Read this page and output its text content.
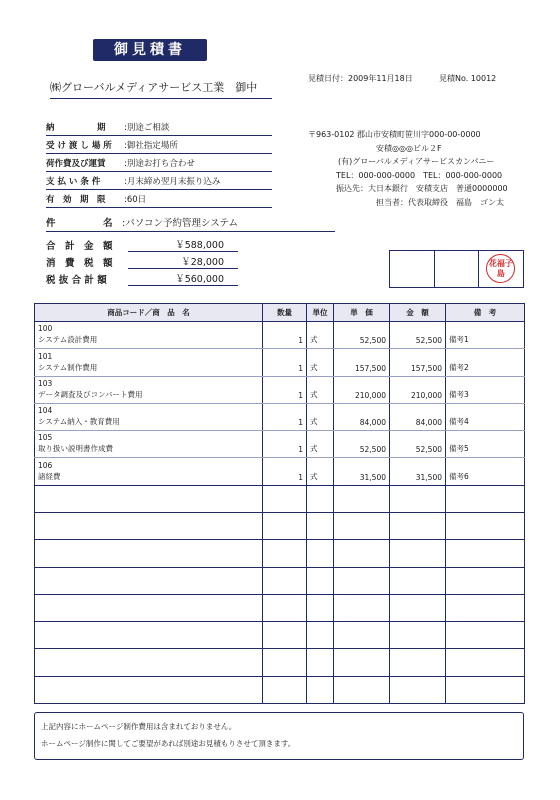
御見積書
㈱グローバルメディアサービス工業　御中
見積日付：2009年11月18日	見積No. 10012
納　　　　　期	:別途ご相談
受 け 渡 し 場 所	:御社指定場所
荷作費及び運賃	:別途お打ち合わせ
支 払 い 条 件	:月末締め翌月末振り込み
有　効　期　限	:60日
件　　　　　名 :パソコン予約管理システム
合　計　金　額	￥588,000
消　費　税　額	￥28,000
税 抜 合 計 額	￥560,000
〒963-0102 郡山市安積町笹川字000-00-0000
安積◎◎◎ビル２F
(有)グローバルメディアサービスカンパニー
TEL：000-000-0000　TEL：000-000-0000
振込先：大日本銀行　安積支店　普通0000000
担当者：代表取締役　福島　ゴン太
花福子島
商品コード／商　品　名	数量	単位	単　価	金　額	備　考

100
システム設計費用	1	式	52,500	52,500	備考1

101
システム制作費用	1	式	157,500	157,500	備考2

103
データ調査及びコンバート費用	1	式	210,000	210,000	備考3

104
システム納入・教育費用	1	式	84,000	84,000	備考4

105
取り扱い説明書作成費	1	式	52,500	52,500	備考5

106
諸経費	1	式	31,500	31,500	備考6

上記内容にホームページ制作費用は含まれておりません。
ホームページ制作に関してご要望があれば別途お見積もりさせて頂きます。
